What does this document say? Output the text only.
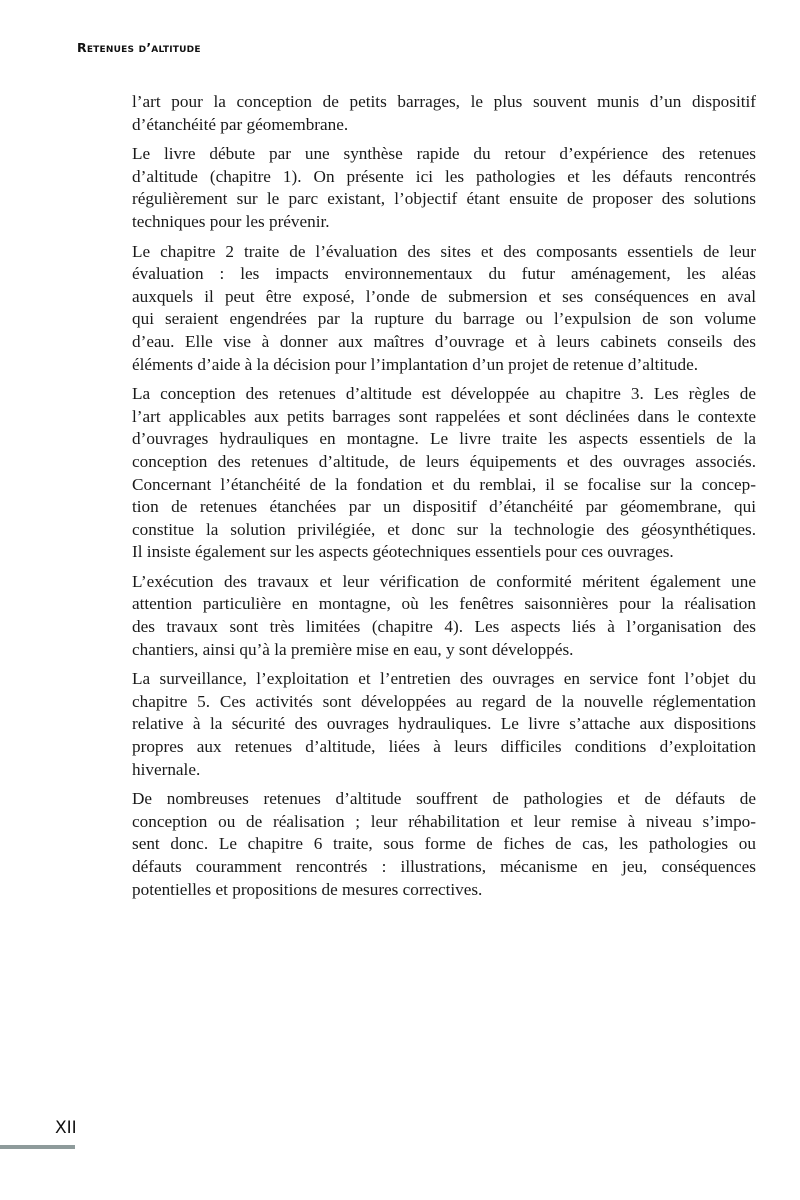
Retenues d’altitude

l’art pour la conception de petits barrages, le plus souvent munis d’un dispositif
d’étanchéité par géomembrane.

Le livre débute par une synthèse rapide du retour d’expérience des retenues
d’altitude (chapitre 1). On présente ici les pathologies et les défauts rencontrés
régulièrement sur le parc existant, l’objectif étant ensuite de proposer des solutions
techniques pour les prévenir.

Le chapitre 2 traite de l’évaluation des sites et des composants essentiels de leur
évaluation : les impacts environnementaux du futur aménagement, les aléas
auxquels il peut être exposé, l’onde de submersion et ses conséquences en aval
qui seraient engendrées par la rupture du barrage ou l’expulsion de son volume
d’eau. Elle vise à donner aux maîtres d’ouvrage et à leurs cabinets conseils des
éléments d’aide à la décision pour l’implantation d’un projet de retenue d’altitude.

La conception des retenues d’altitude est développée au chapitre 3. Les règles de
l’art applicables aux petits barrages sont rappelées et sont déclinées dans le contexte
d’ouvrages hydrauliques en montagne. Le livre traite les aspects essentiels de la
conception des retenues d’altitude, de leurs équipements et des ouvrages associés.
Concernant l’étanchéité de la fondation et du remblai, il se focalise sur la concep-
tion de retenues étanchées par un dispositif d’étanchéité par géomembrane, qui
constitue la solution privilégiée, et donc sur la technologie des géosynthétiques.
Il insiste également sur les aspects géotechniques essentiels pour ces ouvrages.

L’exécution des travaux et leur vérification de conformité méritent également une
attention particulière en montagne, où les fenêtres saisonnières pour la réalisation
des travaux sont très limitées (chapitre 4). Les aspects liés à l’organisation des
chantiers, ainsi qu’à la première mise en eau, y sont développés.

La surveillance, l’exploitation et l’entretien des ouvrages en service font l’objet du
chapitre 5. Ces activités sont développées au regard de la nouvelle réglementation
relative à la sécurité des ouvrages hydrauliques. Le livre s’attache aux dispositions
propres aux retenues d’altitude, liées à leurs difficiles conditions d’exploitation
hivernale.

De nombreuses retenues d’altitude souffrent de pathologies et de défauts de
conception ou de réalisation ; leur réhabilitation et leur remise à niveau s’impo-
sent donc. Le chapitre 6 traite, sous forme de fiches de cas, les pathologies ou
défauts couramment rencontrés : illustrations, mécanisme en jeu, conséquences
potentielles et propositions de mesures correctives.

XII
